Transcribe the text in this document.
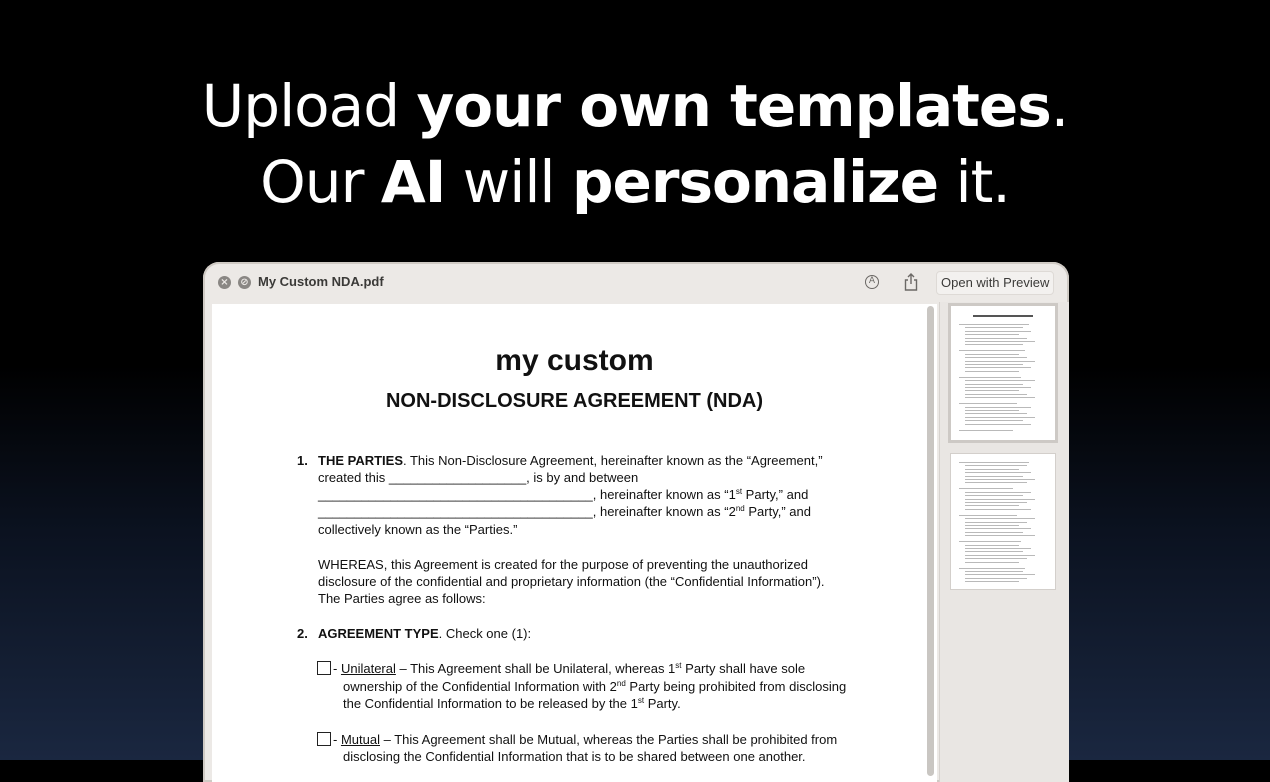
Upload your own templates.
Our AI will personalize it.
× ⊘ My Custom NDA.pdf	A	Open with Preview
my custom
NON-DISCLOSURE AGREEMENT (NDA)
1. THE PARTIES. This Non-Disclosure Agreement, hereinafter known as the “Agreement,”
created this ___________________, is by and between
______________________________________, hereinafter known as “1st Party,” and
______________________________________, hereinafter known as “2nd Party,” and
collectively known as the “Parties.”
WHEREAS, this Agreement is created for the purpose of preventing the unauthorized
disclosure of the confidential and proprietary information (the “Confidential Information”).
The Parties agree as follows:
2. AGREEMENT TYPE. Check one (1):
- Unilateral – This Agreement shall be Unilateral, whereas 1st Party shall have sole
ownership of the Confidential Information with 2nd Party being prohibited from disclosing
the Confidential Information to be released by the 1st Party.
- Mutual – This Agreement shall be Mutual, whereas the Parties shall be prohibited from
disclosing the Confidential Information that is to be shared between one another.
